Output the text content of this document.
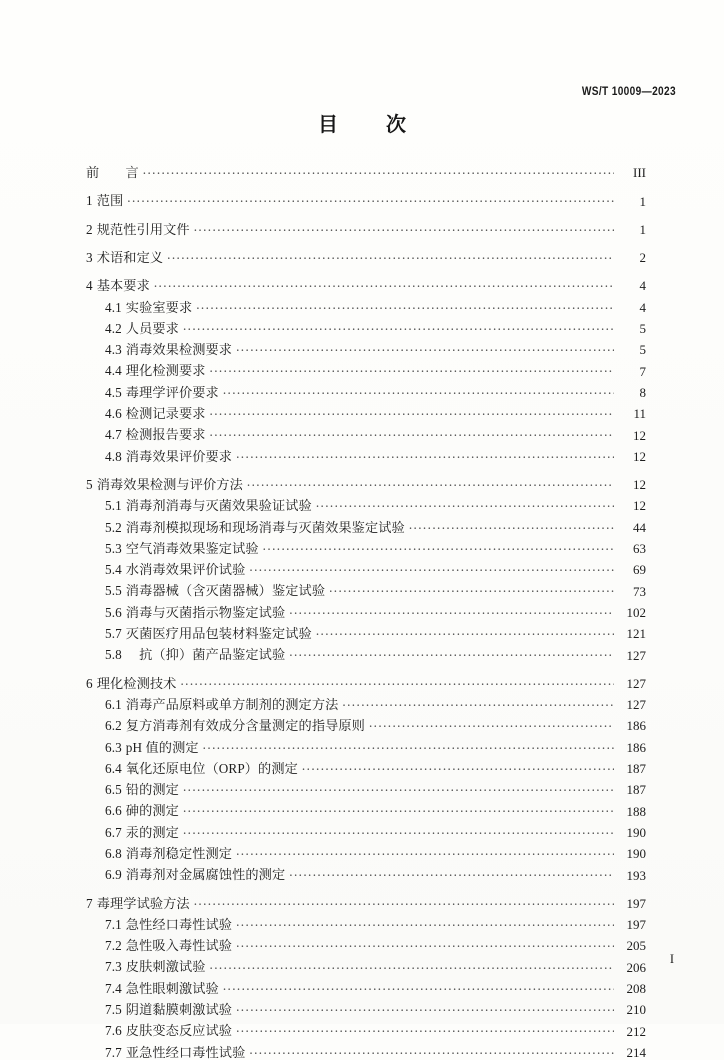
WS/T 10009—2023
目　次
前　　言 .....	III
1 范围 .....	1
2 规范性引用文件 .....	1
3 术语和定义 .....	2
4 基本要求 .....	4
4.1 实验室要求 .....	4
4.2 人员要求 .....	5
4.3 消毒效果检测要求 .....	5
4.4 理化检测要求 .....	7
4.5 毒理学评价要求 .....	8
4.6 检测记录要求 .....	11
4.7 检测报告要求 .....	12
4.8 消毒效果评价要求 .....	12
5 消毒效果检测与评价方法 .....	12
5.1 消毒剂消毒与灭菌效果验证试验 .....	12
5.2 消毒剂模拟现场和现场消毒与灭菌效果鉴定试验 .....	44
5.3 空气消毒效果鉴定试验 .....	63
5.4 水消毒效果评价试验 .....	69
5.5 消毒器械（含灭菌器械）鉴定试验 .....	73
5.6 消毒与灭菌指示物鉴定试验 .....	102
5.7 灭菌医疗用品包装材料鉴定试验 .....	121
5.8　抗（抑）菌产品鉴定试验 .....	127
6 理化检测技术 .....	127
6.1 消毒产品原料或单方制剂的测定方法 .....	127
6.2 复方消毒剂有效成分含量测定的指导原则 .....	186
6.3 pH 值的测定 .....	186
6.4 氧化还原电位（ORP）的测定 .....	187
6.5 铅的测定 .....	187
6.6 砷的测定 .....	188
6.7 汞的测定 .....	190
6.8 消毒剂稳定性测定 .....	190
6.9 消毒剂对金属腐蚀性的测定 .....	193
7 毒理学试验方法 .....	197
7.1 急性经口毒性试验 .....	197
7.2 急性吸入毒性试验 .....	205
7.3 皮肤刺激试验 .....	206
7.4 急性眼刺激试验 .....	208
7.5 阴道黏膜刺激试验 .....	210
7.6 皮肤变态反应试验 .....	212
7.7 亚急性经口毒性试验 .....	214
I
